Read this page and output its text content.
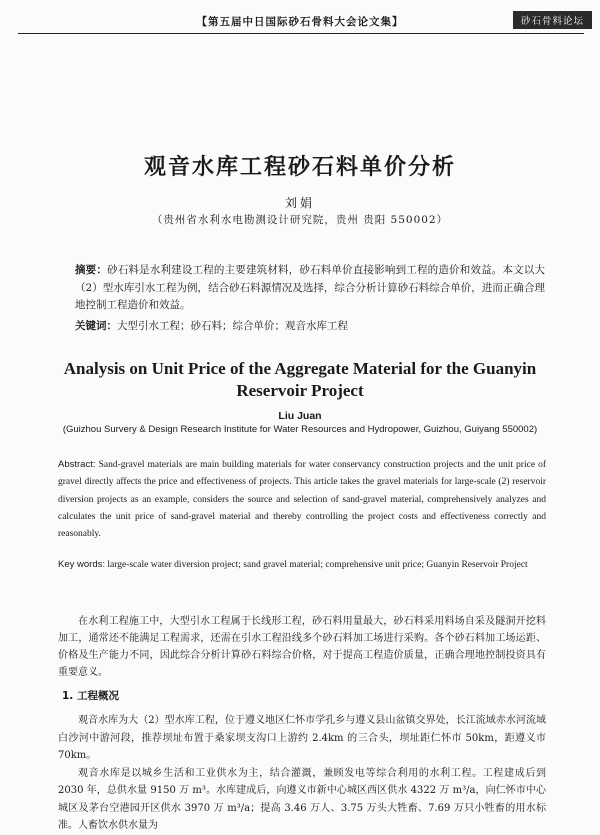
【第五届中日国际砂石骨料大会论文集】	砂石骨料论坛
观音水库工程砂石料单价分析
刘娟
（贵州省水利水电勘测设计研究院，贵州 贵阳 550002）
摘要：砂石料是水利建设工程的主要建筑材料，砂石料单价直接影响到工程的造价和效益。本文以大（2）型水库引水工程为例，结合砂石料源情况及选择，综合分析计算砂石料综合单价，进而正确合理地控制工程造价和效益。
关键词：大型引水工程；砂石料；综合单价；观音水库工程
Analysis on Unit Price of the Aggregate Material for the Guanyin Reservoir Project
Liu Juan
(Guizhou Survery & Design Research Institute for Water Resources and Hydropower, Guizhou, Guiyang 550002)
Abstract: Sand-gravel materials are main building materials for water conservancy construction projects and the unit price of gravel directly affects the price and effectiveness of projects. This article takes the gravel materials for large-scale (2) reservoir diversion projects as an example, considers the source and selection of sand-gravel material, comprehensively analyzes and calculates the unit price of sand-gravel material and thereby controlling the project costs and effectiveness correctly and reasonably.
Key words: large-scale water diversion project; sand gravel material; comprehensive unit price; Guanyin Reservoir Project
在水利工程施工中，大型引水工程属于长线形工程，砂石料用量最大，砂石料采用料场自采及隧洞开挖料加工，通常还不能满足工程需求，还需在引水工程沿线多个砂石料加工场进行采购。各个砂石料加工场运距、价格及生产能力不同，因此综合分析计算砂石料综合价格，对于提高工程造价质量，正确合理地控制投资具有重要意义。
1. 工程概况

观音水库为大（2）型水库工程，位于遵义地区仁怀市学孔乡与遵义县山盆镇交界处，长江流域赤水河流域白沙河中游河段，推荐坝址布置于桑家坝支沟口上游约 2.4km 的三合头，坝址距仁怀市 50km，距遵义市 70km。

观音水库是以城乡生活和工业供水为主，结合灌溉，兼顾发电等综合利用的水利工程。工程建成后到 2030 年，总供水量 9150 万 m³。水库建成后，向遵义市新中心城区西区供水 4322 万 m³/a，向仁怀市中心城区及茅台空港园开区供水 3970 万 m³/a；提高 3.46 万人、3.75 万头大牲畜、7.69 万只小牲畜的用水标准。人畜饮水供水量为
